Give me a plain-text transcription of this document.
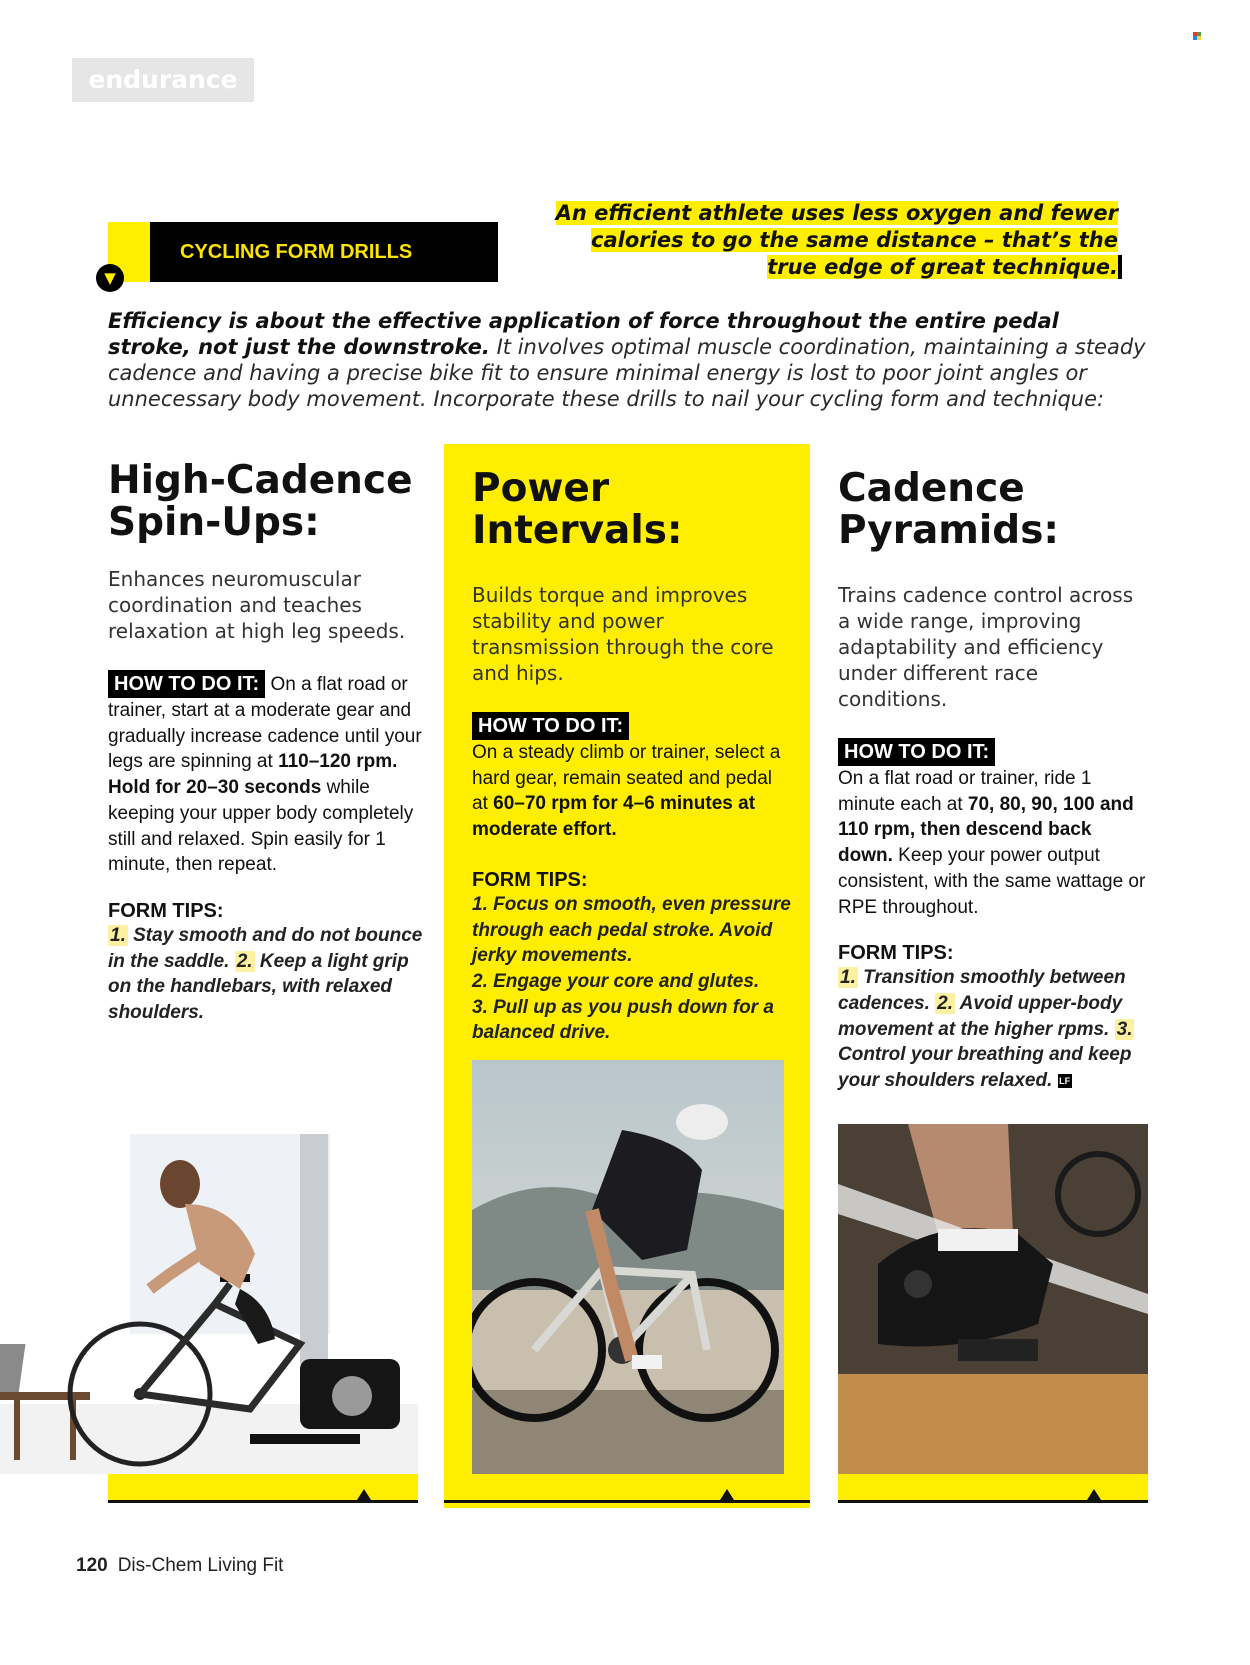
endurance
CYCLING FORM DRILLS
▼
An efficient athlete uses less oxygen and fewer calories to go the same distance – that’s the true edge of great technique.
Efficiency is about the effective application of force throughout the entire pedal stroke, not just the downstroke. It involves optimal muscle coordination, maintaining a steady cadence and having a precise bike fit to ensure minimal energy is lost to poor joint angles or unnecessary body movement. Incorporate these drills to nail your cycling form and technique:
High-Cadence Spin-Ups:

Enhances neuromuscular coordination and teaches relaxation at high leg speeds.

HOW TO DO IT: On a flat road or trainer, start at a moderate gear and gradually increase cadence until your legs are spinning at 110–120 rpm. Hold for 20–30 seconds while keeping your upper body completely still and relaxed. Spin easily for 1 minute, then repeat.
FORM TIPS:
1. Stay smooth and do not bounce in the saddle. 2. Keep a light grip on the handlebars, with relaxed shoulders.
Power Intervals:

Builds torque and improves stability and power transmission through the core and hips.

HOW TO DO IT:
On a steady climb or trainer, select a hard gear, remain seated and pedal at 60–70 rpm for 4–6 minutes at moderate effort.
FORM TIPS:
1. Focus on smooth, even pressure through each pedal stroke. Avoid jerky movements.
2. Engage your core and glutes.
3. Pull up as you push down for a balanced drive.
Cadence Pyramids:

Trains cadence control across a wide range, improving adaptability and efficiency under different race conditions.

HOW TO DO IT:
On a flat road or trainer, ride 1 minute each at 70, 80, 90, 100 and 110 rpm, then descend back down. Keep your power output consistent, with the same wattage or RPE throughout.
FORM TIPS:
1. Transition smoothly between cadences. 2. Avoid upper-body movement at the higher rpms. 3. Control your breathing and keep your shoulders relaxed. LF
120 Dis-Chem Living Fit
